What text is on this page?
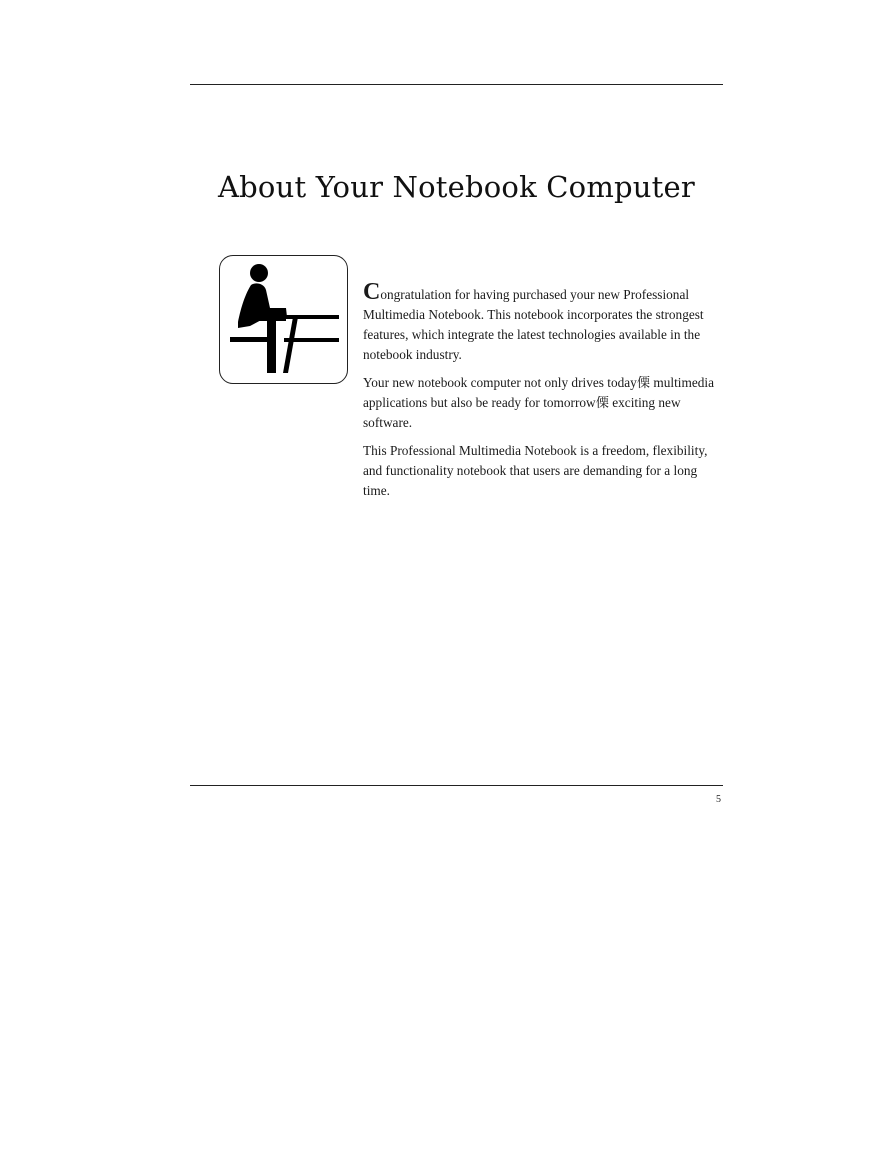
About Your Notebook Computer

Congratulation for having purchased your new Professional Multimedia Notebook. This notebook incorporates the strongest features, which integrate the latest technologies available in the notebook industry.

Your new notebook computer not only drives today傈 multimedia applications but also be ready for tomorrow傈 exciting new software.

This Professional Multimedia Notebook is a freedom, flexibility, and functionality notebook that users are demanding for a long time.

5
